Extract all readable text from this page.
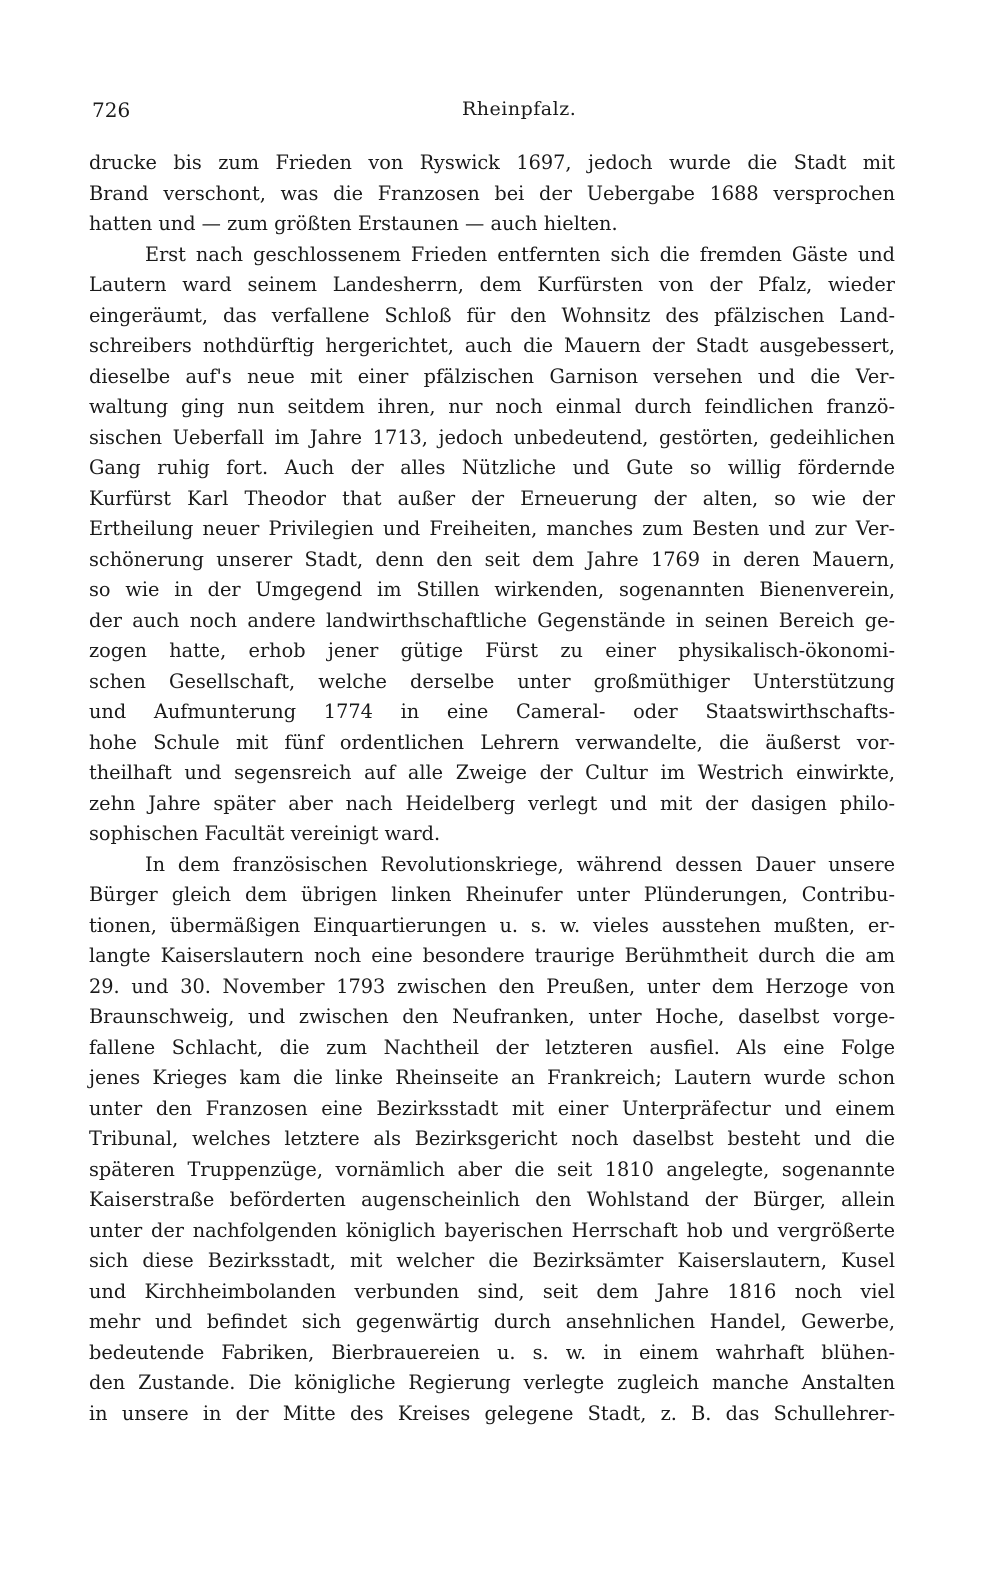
726	Rheinpfalz.
drucke bis zum Frieden von Ryswick 1697, jedoch wurde die Stadt mit
Brand verschont, was die Franzosen bei der Uebergabe 1688 versprochen
hatten und — zum größten Erstaunen — auch hielten.
Erst nach geschlossenem Frieden entfernten sich die fremden Gäste und
Lautern ward seinem Landesherrn, dem Kurfürsten von der Pfalz, wieder
eingeräumt, das verfallene Schloß für den Wohnsitz des pfälzischen Land-
schreibers nothdürftig hergerichtet, auch die Mauern der Stadt ausgebessert,
dieselbe auf's neue mit einer pfälzischen Garnison versehen und die Ver-
waltung ging nun seitdem ihren, nur noch einmal durch feindlichen franzö-
sischen Ueberfall im Jahre 1713, jedoch unbedeutend, gestörten, gedeihlichen
Gang ruhig fort. Auch der alles Nützliche und Gute so willig fördernde
Kurfürst Karl Theodor that außer der Erneuerung der alten, so wie der
Ertheilung neuer Privilegien und Freiheiten, manches zum Besten und zur Ver-
schönerung unserer Stadt, denn den seit dem Jahre 1769 in deren Mauern,
so wie in der Umgegend im Stillen wirkenden, sogenannten Bienenverein,
der auch noch andere landwirthschaftliche Gegenstände in seinen Bereich ge-
zogen hatte, erhob jener gütige Fürst zu einer physikalisch-ökonomi-
schen Gesellschaft, welche derselbe unter großmüthiger Unterstützung
und Aufmunterung 1774 in eine Cameral- oder Staatswirthschafts-
hohe Schule mit fünf ordentlichen Lehrern verwandelte, die äußerst vor-
theilhaft und segensreich auf alle Zweige der Cultur im Westrich einwirkte,
zehn Jahre später aber nach Heidelberg verlegt und mit der dasigen philo-
sophischen Facultät vereinigt ward.
In dem französischen Revolutionskriege, während dessen Dauer unsere
Bürger gleich dem übrigen linken Rheinufer unter Plünderungen, Contribu-
tionen, übermäßigen Einquartierungen u. s. w. vieles ausstehen mußten, er-
langte Kaiserslautern noch eine besondere traurige Berühmtheit durch die am
29. und 30. November 1793 zwischen den Preußen, unter dem Herzoge von
Braunschweig, und zwischen den Neufranken, unter Hoche, daselbst vorge-
fallene Schlacht, die zum Nachtheil der letzteren ausfiel. Als eine Folge
jenes Krieges kam die linke Rheinseite an Frankreich; Lautern wurde schon
unter den Franzosen eine Bezirksstadt mit einer Unterpräfectur und einem
Tribunal, welches letztere als Bezirksgericht noch daselbst besteht und die
späteren Truppenzüge, vornämlich aber die seit 1810 angelegte, sogenannte
Kaiserstraße beförderten augenscheinlich den Wohlstand der Bürger, allein
unter der nachfolgenden königlich bayerischen Herrschaft hob und vergrößerte
sich diese Bezirksstadt, mit welcher die Bezirksämter Kaiserslautern, Kusel
und Kirchheimbolanden verbunden sind, seit dem Jahre 1816 noch viel
mehr und befindet sich gegenwärtig durch ansehnlichen Handel, Gewerbe,
bedeutende Fabriken, Bierbrauereien u. s. w. in einem wahrhaft blühen-
den Zustande. Die königliche Regierung verlegte zugleich manche Anstalten
in unsere in der Mitte des Kreises gelegene Stadt, z. B. das Schullehrer-
